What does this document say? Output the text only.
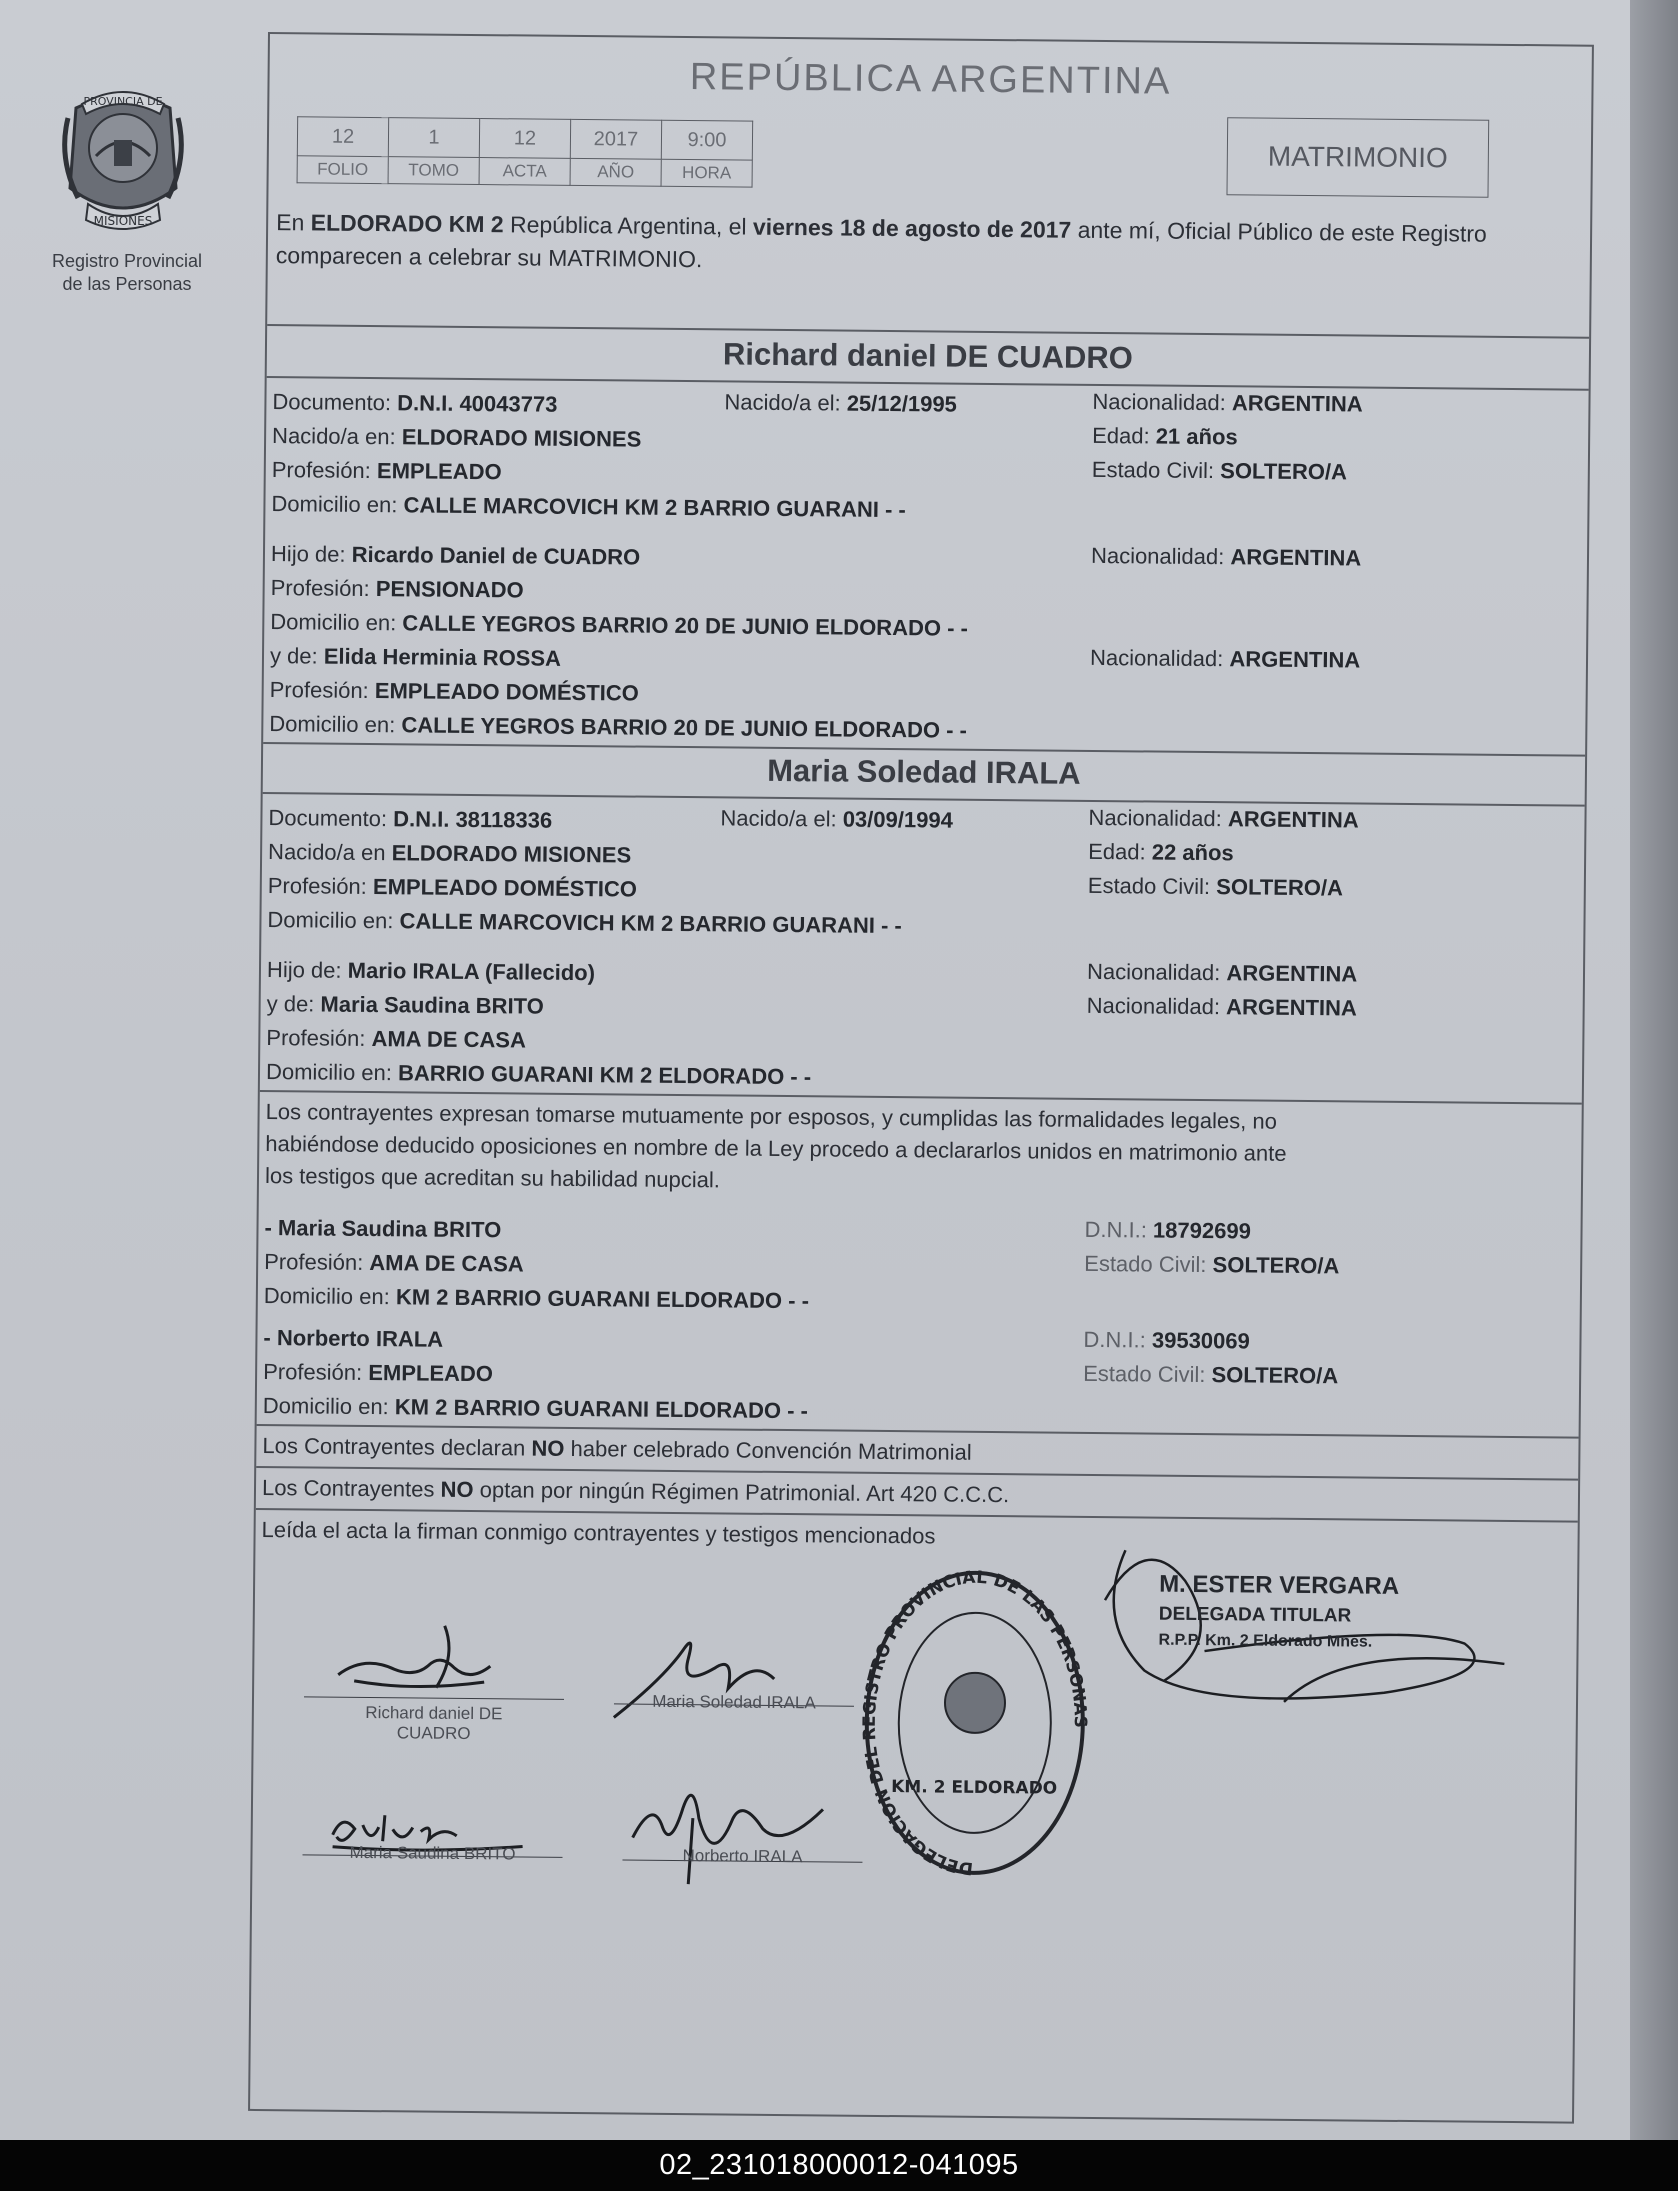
PROVINCIA DE
MISIONES
Registro Provincial
de las Personas
REPÚBLICA ARGENTINA
12	1	12	2017	9:00
FOLIO	TOMO	ACTA	AÑO	HORA	MATRIMONIO
En ELDORADO KM 2 República Argentina, el viernes 18 de agosto de 2017 ante mí, Oficial Público de este Registro comparecen a celebrar su MATRIMONIO.
Richard daniel DE CUADRO
Documento: D.N.I. 40043773	Nacido/a el: 25/12/1995	Nacionalidad: ARGENTINA
Nacido/a en: ELDORADO MISIONES	Edad: 21 años
Profesión: EMPLEADO	Estado Civil: SOLTERO/A
Domicilio en: CALLE MARCOVICH KM 2 BARRIO GUARANI - -
Hijo de: Ricardo Daniel de CUADRO	Nacionalidad: ARGENTINA
Profesión: PENSIONADO
Domicilio en: CALLE YEGROS BARRIO 20 DE JUNIO ELDORADO - -
y de: Elida Herminia ROSSA	Nacionalidad: ARGENTINA
Profesión: EMPLEADO DOMÉSTICO
Domicilio en: CALLE YEGROS BARRIO 20 DE JUNIO ELDORADO - -
Maria Soledad IRALA
Documento: D.N.I. 38118336	Nacido/a el: 03/09/1994	Nacionalidad: ARGENTINA
Nacido/a en ELDORADO MISIONES	Edad: 22 años
Profesión: EMPLEADO DOMÉSTICO	Estado Civil: SOLTERO/A
Domicilio en: CALLE MARCOVICH KM 2 BARRIO GUARANI - -
Hijo de: Mario IRALA (Fallecido)	Nacionalidad: ARGENTINA
y de: Maria Saudina BRITO	Nacionalidad: ARGENTINA
Profesión: AMA DE CASA
Domicilio en: BARRIO GUARANI KM 2 ELDORADO - -
Los contrayentes expresan tomarse mutuamente por esposos, y cumplidas las formalidades legales, no
habiéndose deducido oposiciones en nombre de la Ley procedo a declararlos unidos en matrimonio ante
los testigos que acreditan su habilidad nupcial.
- Maria Saudina BRITO	D.N.I.: 18792699
Profesión: AMA DE CASA	Estado Civil: SOLTERO/A
Domicilio en: KM 2 BARRIO GUARANI ELDORADO - -
- Norberto IRALA	D.N.I.: 39530069
Profesión: EMPLEADO	Estado Civil: SOLTERO/A
Domicilio en: KM 2 BARRIO GUARANI ELDORADO - -
Los Contrayentes declaran NO haber celebrado Convención Matrimonial
Los Contrayentes NO optan por ningún Régimen Patrimonial. Art 420 C.C.C.
Leída el acta la firman conmigo contrayentes y testigos mencionados
Richard daniel DE
CUADRO
Maria Soledad IRALA
Maria Saudina BRITO	Norberto IRALA
DELEGACION DEL REGISTRO PROVINCIAL DE LAS PERSONAS
KM. 2 ELDORADO
M. ESTER VERGARA
DELEGADA TITULAR
R.P.P. Km. 2 Eldorado Mnes.
02_231018000012-041095
